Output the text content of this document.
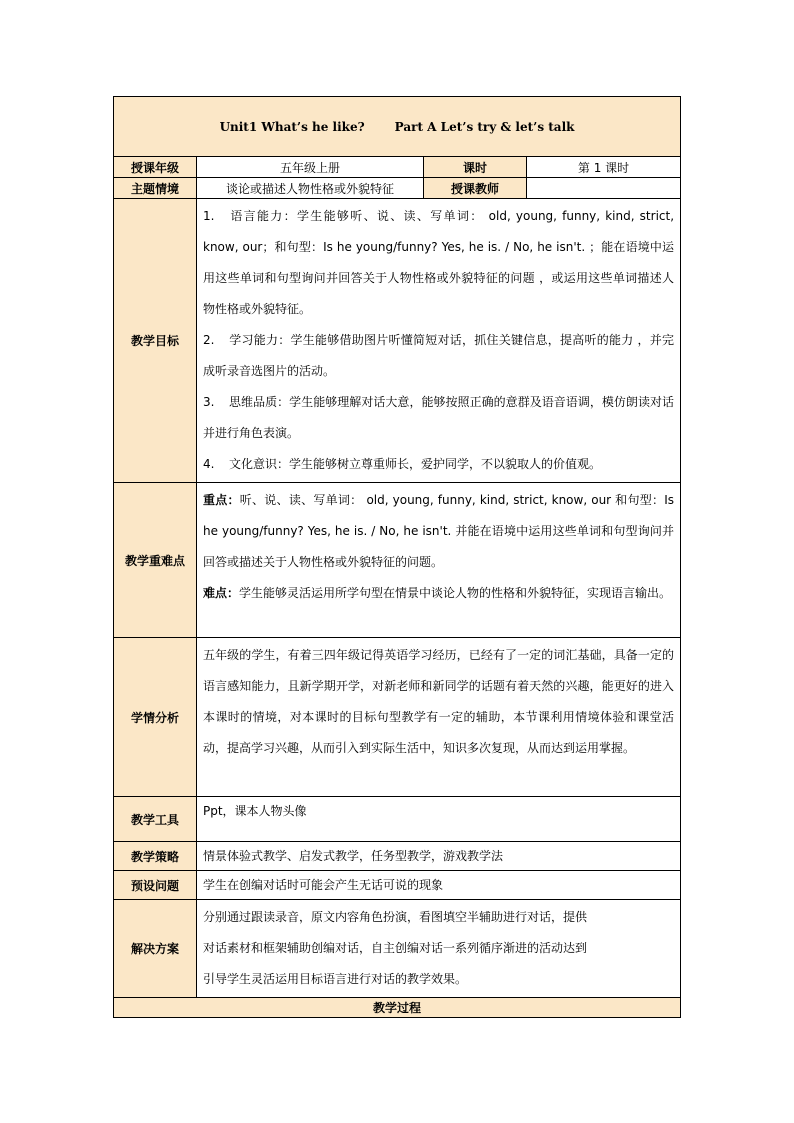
Unit1 What’s he like? Part A Let’s try & let’s talk			
授课年级	五年级上册	课时	第 1 课时
主题情境	谈论或描述人物性格或外貌特征	授课教师	
教学目标	1. 语言能力：学生能够听、说、读、写单词： old, young, funny, kind, strict, know, our；和句型：Is he young/funny? Yes, he is. / No, he isn't. ；能在语境中运用这些单词和句型询问并回答关于人物性格或外貌特征的问题 ，或运用这些单词描述人物性格或外貌特征。

2. 学习能力：学生能够借助图片听懂简短对话，抓住关键信息，提高听的能力 ，并完成听录音选图片的活动。

3. 思维品质：学生能够理解对话大意，能够按照正确的意群及语音语调，模仿朗读对话并进行角色表演。

4. 文化意识：学生能够树立尊重师长，爱护同学，不以貌取人的价值观。		

教学重难点	重点：听、说、读、写单词： old, young, funny, kind, strict, know, our 和句型：Is he young/funny? Yes, he is. / No, he isn't. 并能在语境中运用这些单词和句型询问并回答或描述关于人物性格或外貌特征的问题。

难点：学生能够灵活运用所学句型在情景中谈论人物的性格和外貌特征，实现语言输出。		

学情分析	五年级的学生，有着三四年级记得英语学习经历，已经有了一定的词汇基础，具备一定的语言感知能力，且新学期开学，对新老师和新同学的话题有着天然的兴趣，能更好的进入本课时的情境，对本课时的目标句型教学有一定的辅助，本节课利用情境体验和课堂活动，提高学习兴趣，从而引入到实际生活中，知识多次复现，从而达到运用掌握。		

教学工具	Ppt，课本人物头像		

教学策略	情景体验式教学、启发式教学，任务型教学，游戏教学法		

预设问题	学生在创编对话时可能会产生无话可说的现象		

解决方案	分别通过跟读录音，原文内容角色扮演，看图填空半辅助进行对话，提供

对话素材和框架辅助创编对话，自主创编对话一系列循序渐进的活动达到

引导学生灵活运用目标语言进行对话的教学效果。		

教学过程			
